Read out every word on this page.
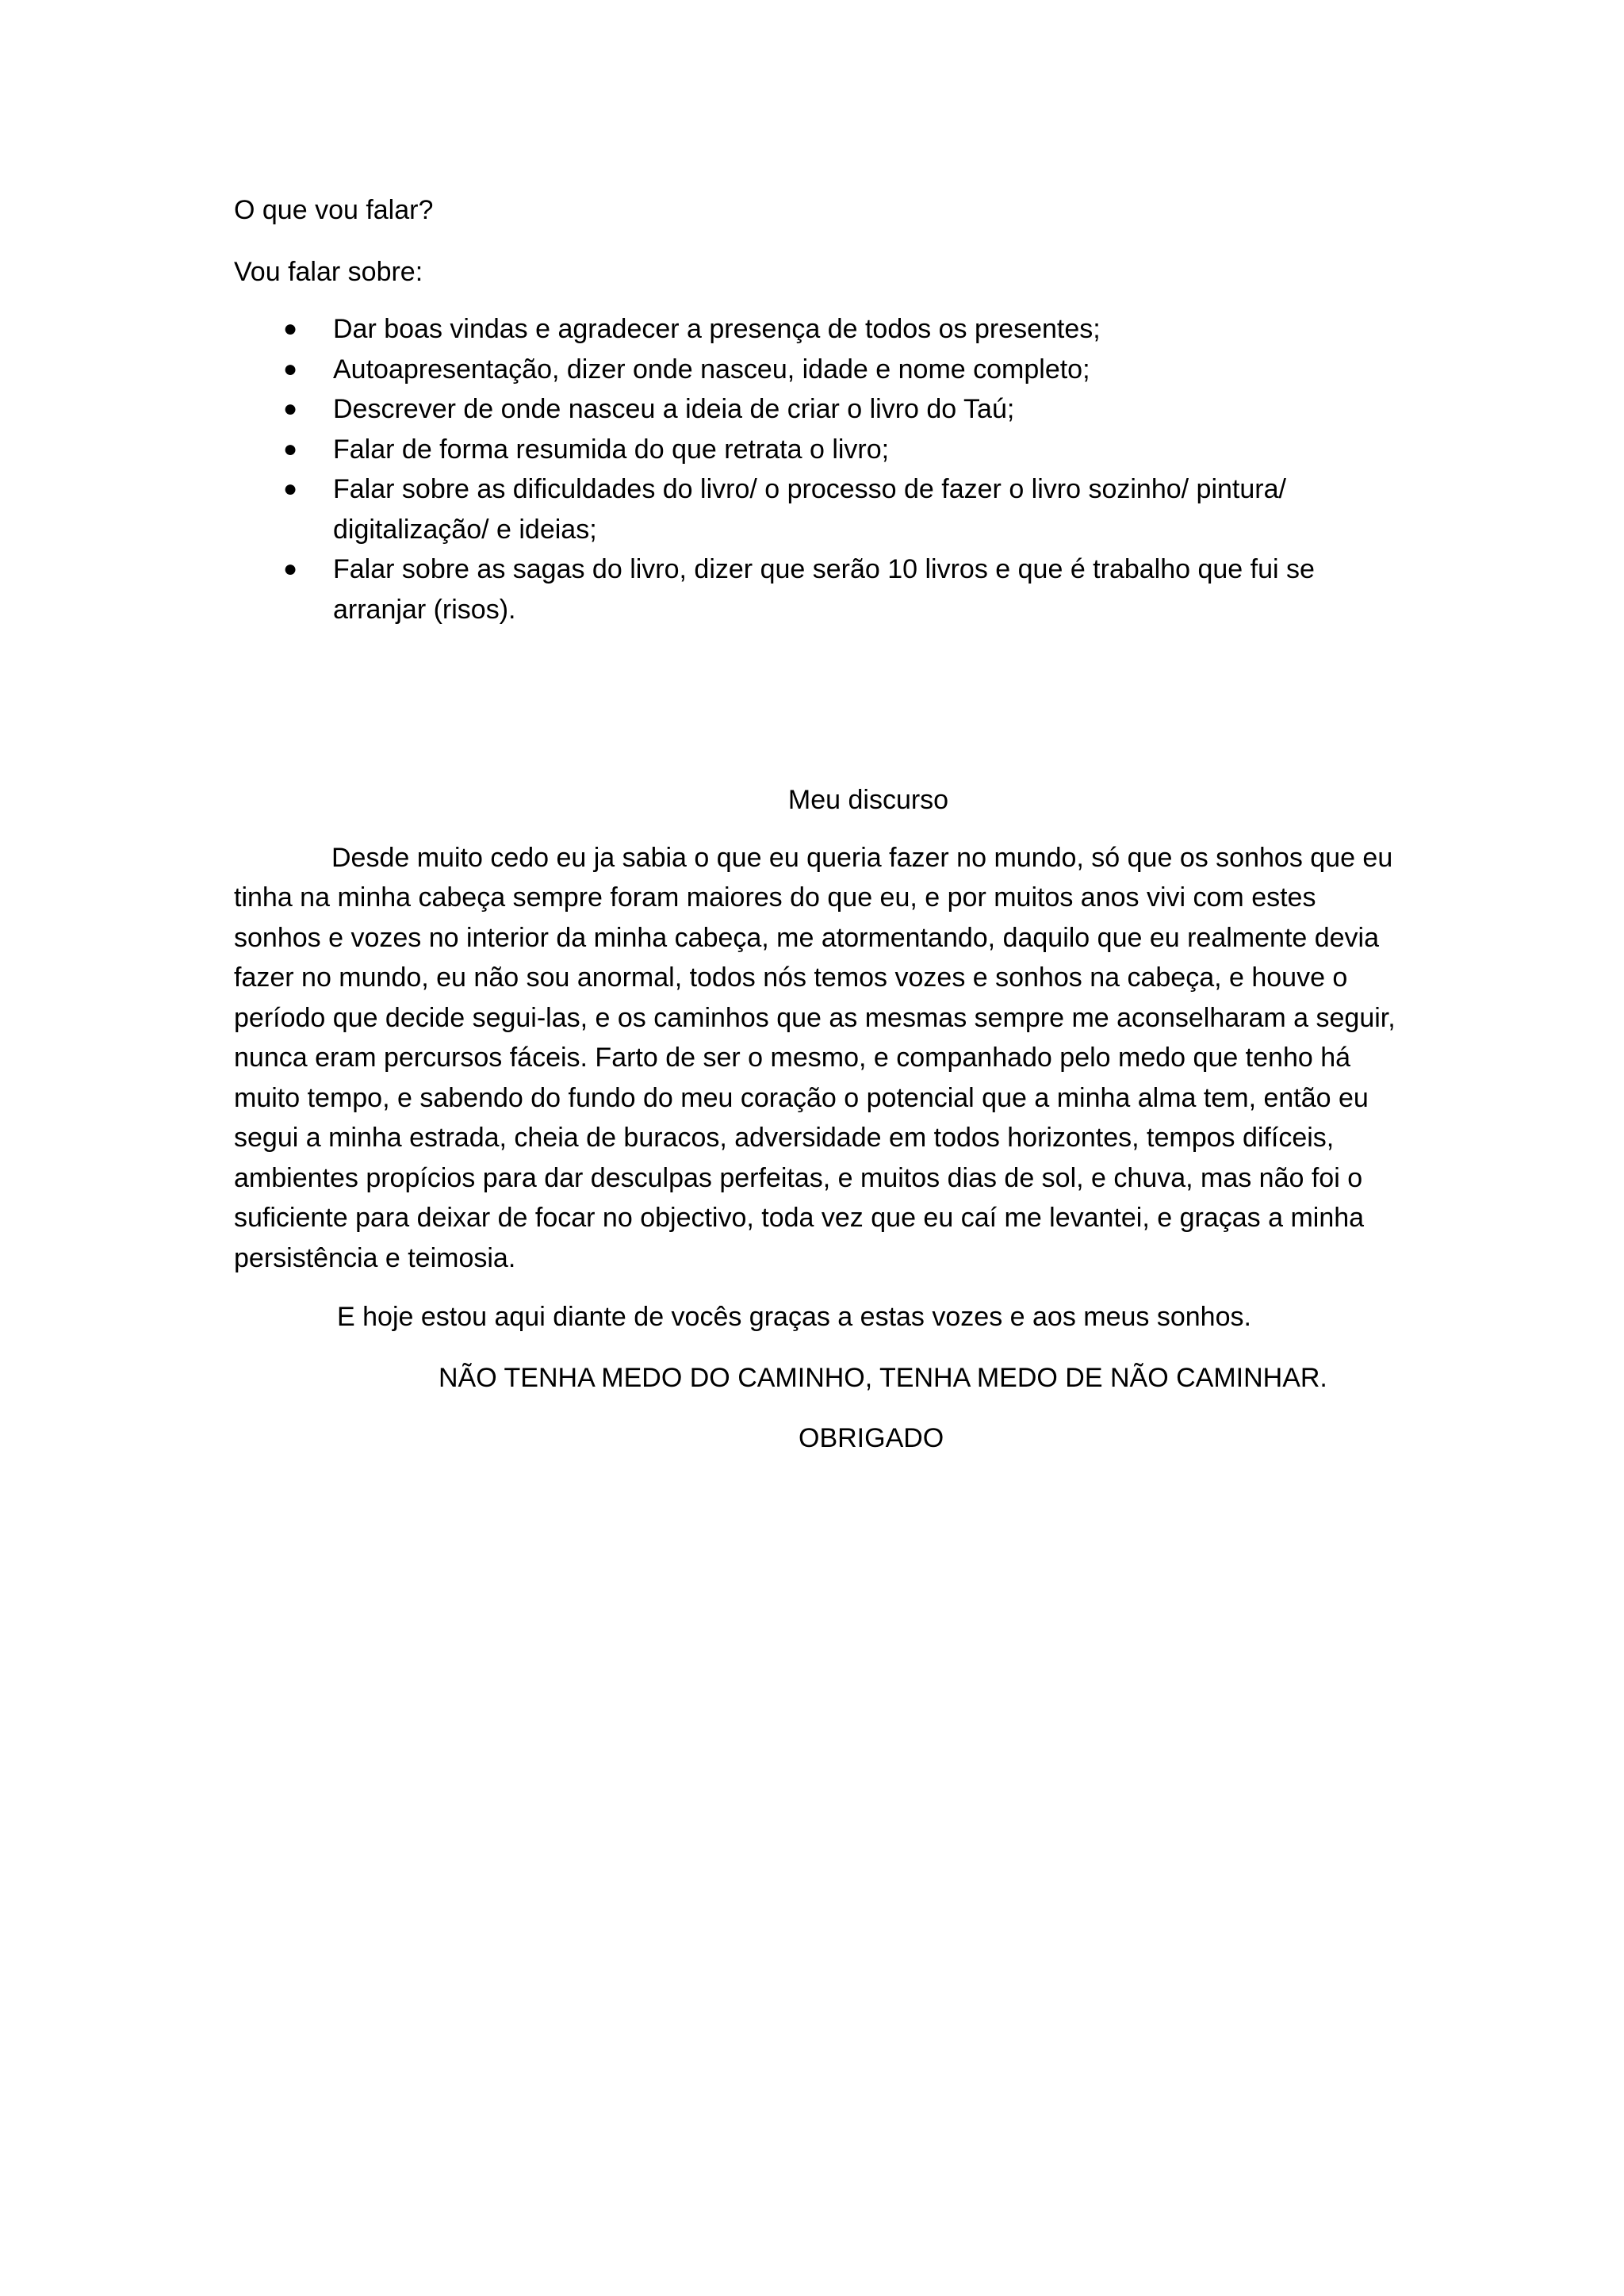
O que vou falar?

Vou falar sobre:

● Dar boas vindas e agradecer a presença de todos os presentes;
● Autoapresentação, dizer onde nasceu, idade e nome completo;
● Descrever de onde nasceu a ideia de criar o livro do Taú;
● Falar de forma resumida do que retrata o livro;
● Falar sobre as dificuldades do livro/ o processo de fazer o livro sozinho/ pintura/ digitalização/ e ideias;
● Falar sobre as sagas do livro, dizer que serão 10 livros e que é trabalho que fui se arranjar (risos).

Meu discurso

Desde muito cedo eu ja sabia o que eu queria fazer no mundo, só que os sonhos que eu tinha na minha cabeça sempre foram maiores do que eu, e por muitos anos vivi com estes sonhos e vozes no interior da minha cabeça, me atormentando, daquilo que eu realmente devia fazer no mundo, eu não sou anormal, todos nós temos vozes e sonhos na cabeça, e houve o período que decide segui-las, e os caminhos que as mesmas sempre me aconselharam a seguir, nunca eram percursos fáceis. Farto de ser o mesmo, e companhado pelo medo que tenho há muito tempo, e sabendo do fundo do meu coração o potencial que a minha alma tem, então eu segui a minha estrada, cheia de buracos, adversidade em todos horizontes, tempos difíceis, ambientes propícios para dar desculpas perfeitas, e muitos dias de sol, e chuva, mas não foi o suficiente para deixar de focar no objectivo, toda vez que eu caí me levantei, e graças a minha persistência e teimosia.

E hoje estou aqui diante de vocês graças a estas vozes e aos meus sonhos.

NÃO TENHA MEDO DO CAMINHO, TENHA MEDO DE NÃO CAMINHAR.

OBRIGADO
